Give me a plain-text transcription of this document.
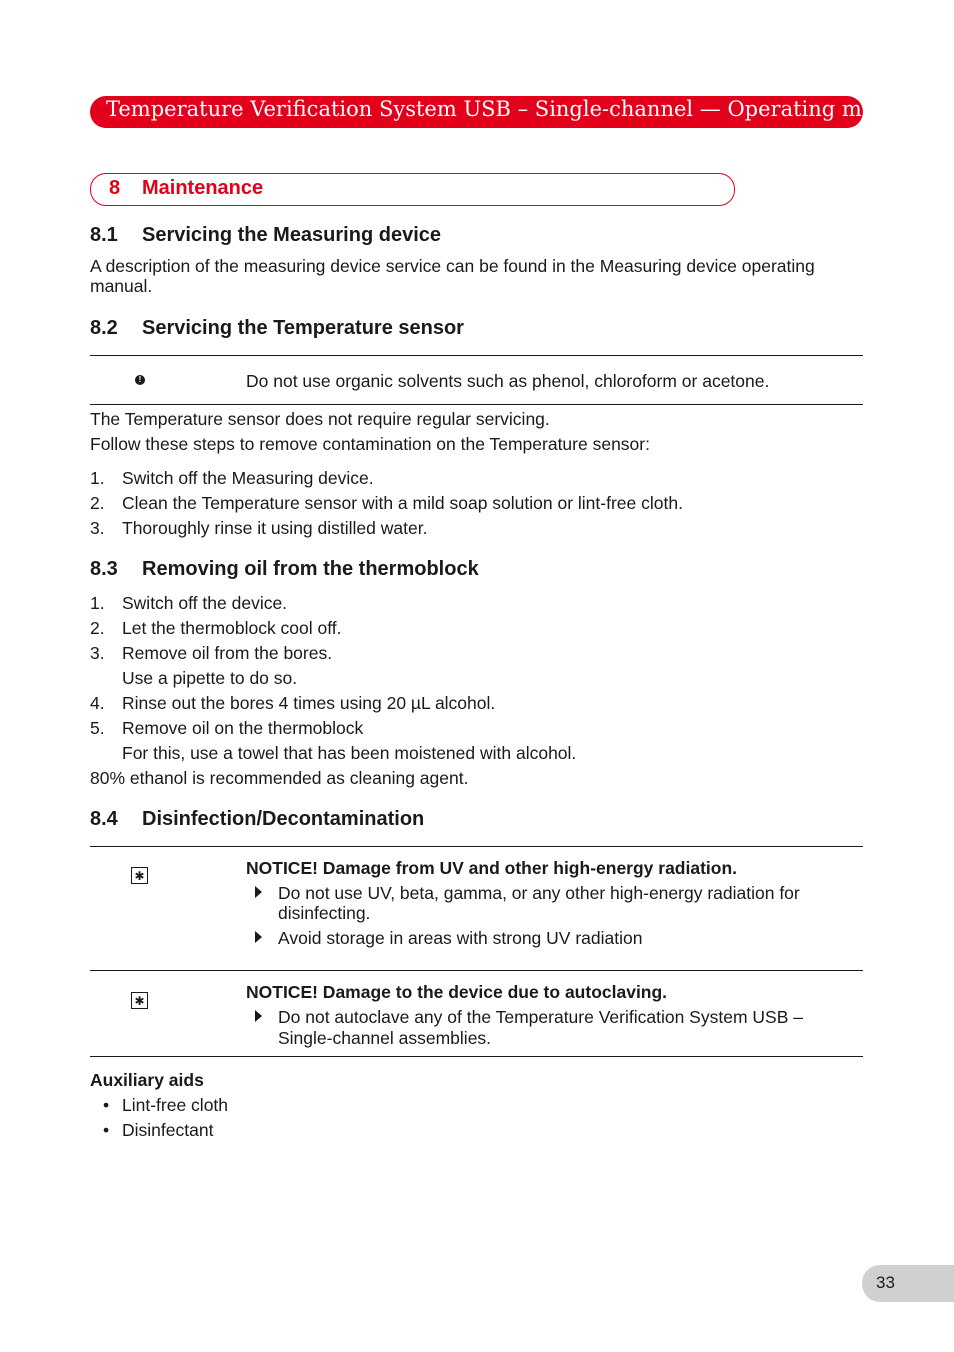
Temperature Verification System USB – Single-channel — Operating manual
8 Maintenance
8.1 Servicing the Measuring device
A description of the measuring device service can be found in the Measuring device operating
manual.
8.2 Servicing the Temperature sensor
!	Do not use organic solvents such as phenol, chloroform or acetone.
The Temperature sensor does not require regular servicing.
Follow these steps to remove contamination on the Temperature sensor:
1. Switch off the Measuring device.
2. Clean the Temperature sensor with a mild soap solution or lint-free cloth.
3. Thoroughly rinse it using distilled water.
8.3 Removing oil from the thermoblock
1. Switch off the device.
2. Let the thermoblock cool off.
3. Remove oil from the bores.
Use a pipette to do so.
4. Rinse out the bores 4 times using 20 µL alcohol.
5. Remove oil on the thermoblock
For this, use a towel that has been moistened with alcohol.
80% ethanol is recommended as cleaning agent.
8.4 Disinfection/Decontamination
✱	NOTICE! Damage from UV and other high-energy radiation.
Do not use UV, beta, gamma, or any other high-energy radiation for
disinfecting.
Avoid storage in areas with strong UV radiation
✱	NOTICE! Damage to the device due to autoclaving.
Do not autoclave any of the Temperature Verification System USB –
Single-channel assemblies.
Auxiliary aids
• Lint-free cloth
• Disinfectant
33
